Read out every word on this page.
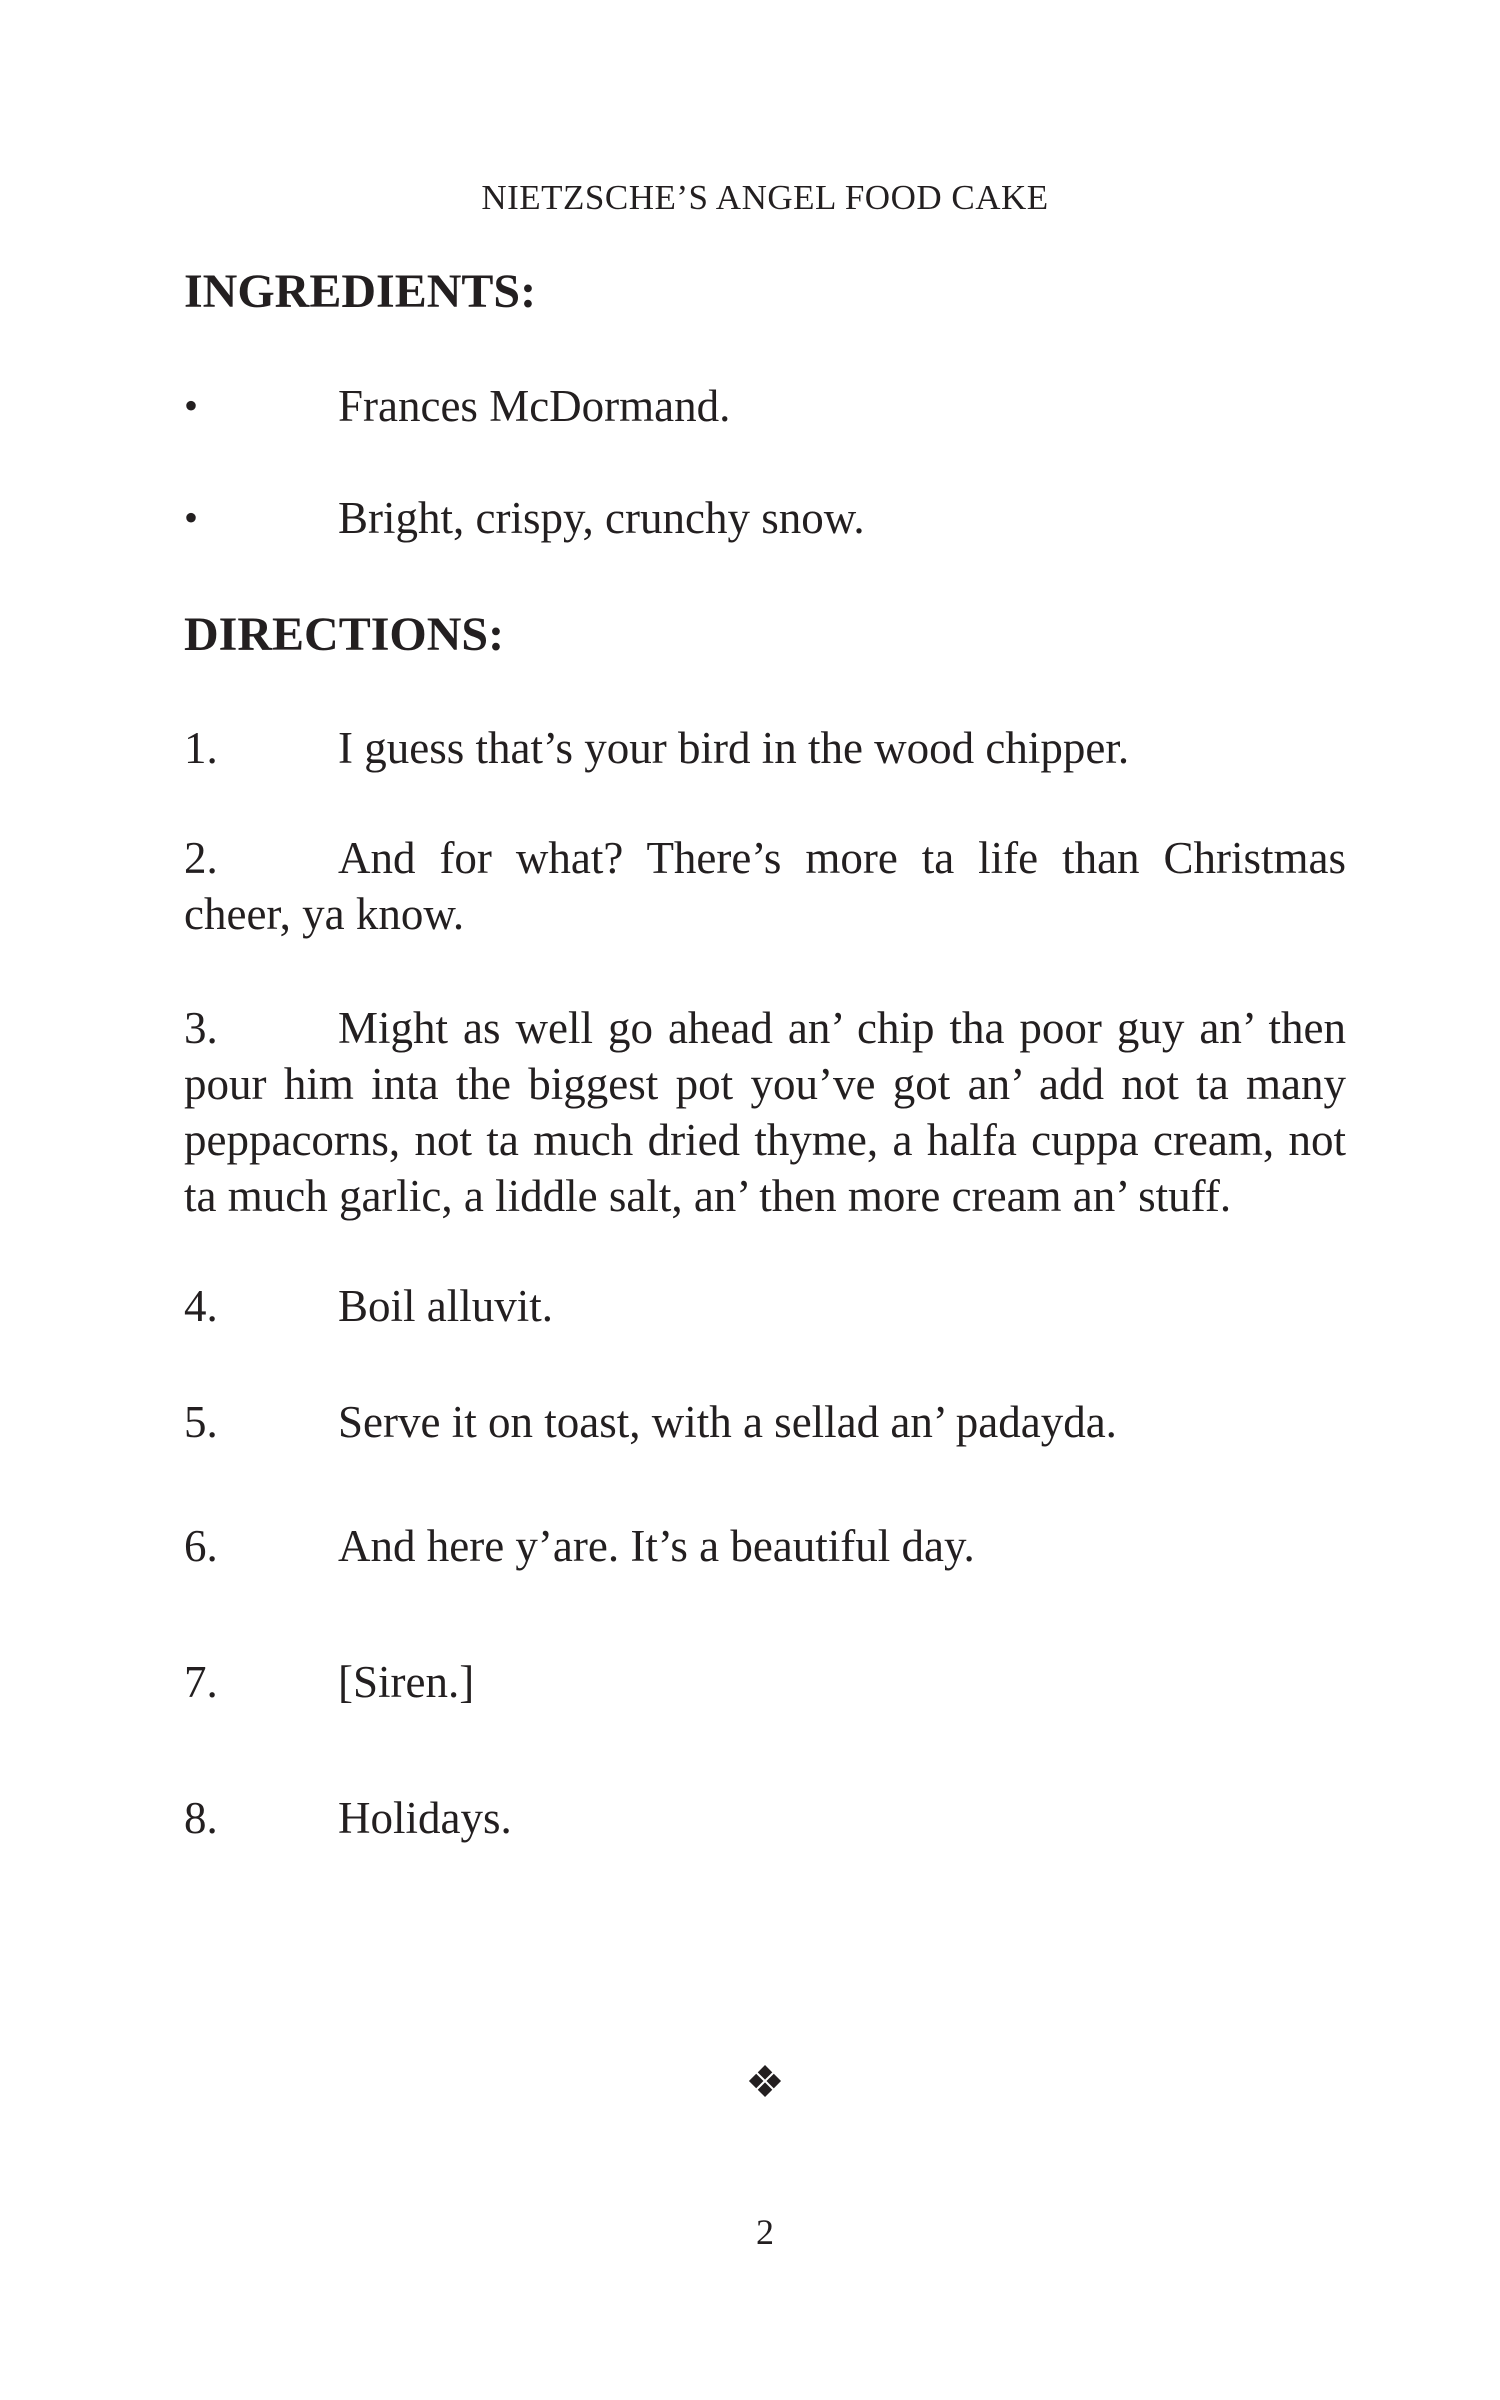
NIETZSCHE’S ANGEL FOOD CAKE
INGREDIENTS:
•	Frances McDormand.
•	Bright, crispy, crunchy snow.
DIRECTIONS:
1.	I guess that’s your bird in the wood chipper.
2.	And for what? There’s more ta life than Christmas cheer, ya know.
3.	Might as well go ahead an’ chip tha poor guy an’ then pour him inta the biggest pot you’ve got an’ add not ta many peppacorns, not ta much dried thyme, a halfa cuppa cream, not ta much garlic, a liddle salt, an’ then more cream an’ stuff.
4.	Boil alluvit.
5.	Serve it on toast, with a sellad an’ padayda.
6.	And here y’are. It’s a beautiful day.
7.	[Siren.]
8.	Holidays.
❖
2
